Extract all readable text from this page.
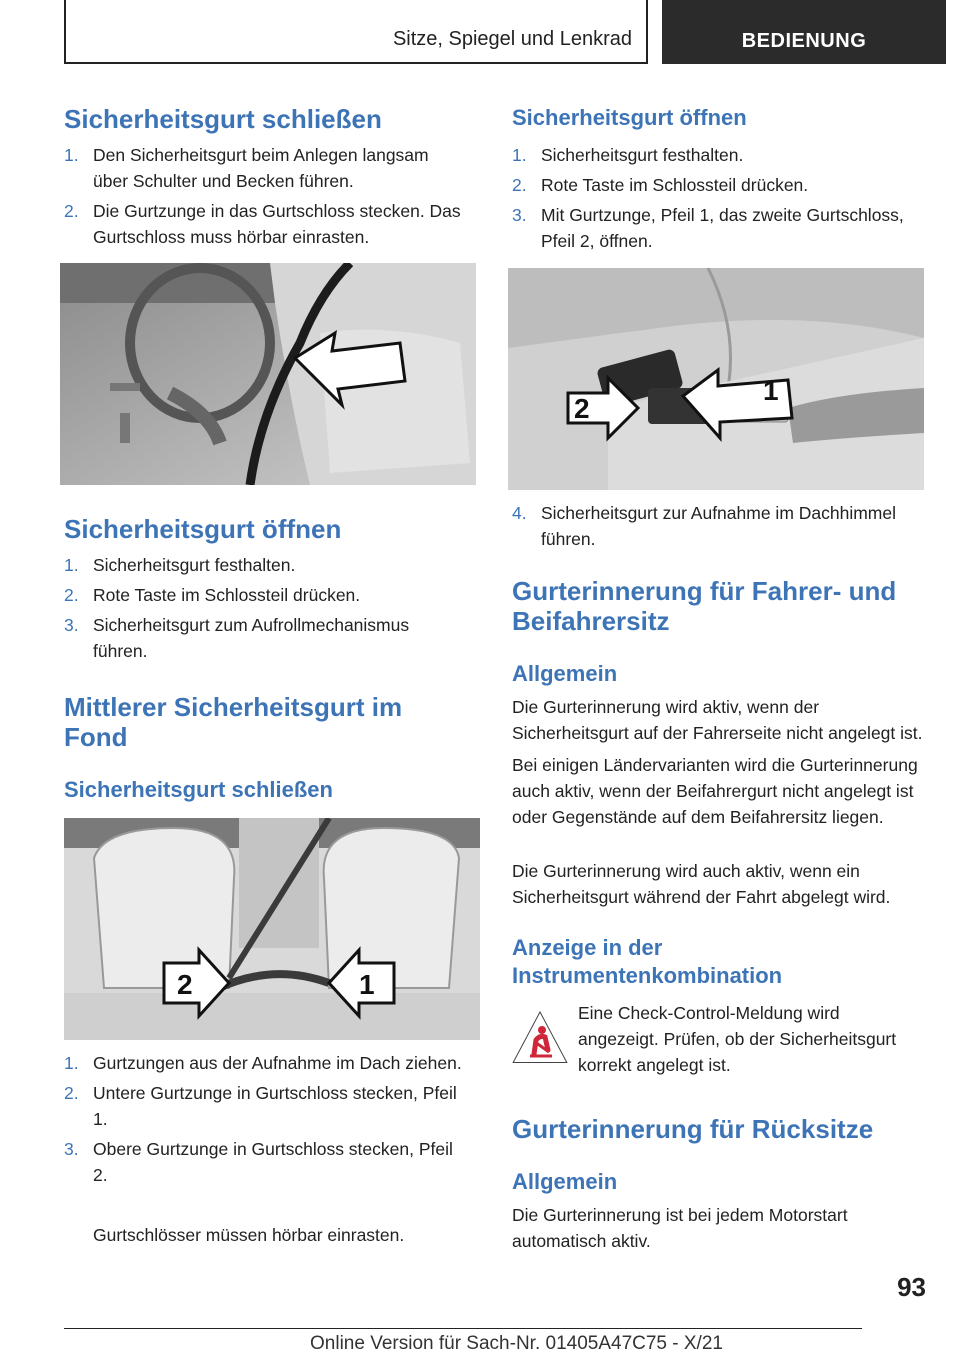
Sitze, Spiegel und Lenkrad	BEDIENUNG
Sicherheitsgurt schließen
1. Den Sicherheitsgurt beim Anlegen langsam über Schulter und Becken führen.
2. Die Gurtzunge in das Gurtschloss stecken. Das Gurtschloss muss hörbar einrasten.
Sicherheitsgurt öffnen
1. Sicherheitsgurt festhalten.
2. Rote Taste im Schlossteil drücken.
3. Sicherheitsgurt zum Aufrollmechanismus führen.
Mittlerer Sicherheitsgurt im Fond
Sicherheitsgurt schließen
2	1
1. Gurtzungen aus der Aufnahme im Dach ziehen.
2. Untere Gurtzunge in Gurtschloss stecken, Pfeil 1.
3. Obere Gurtzunge in Gurtschloss stecken, Pfeil 2.

Gurtschlösser müssen hörbar einrasten.

Sicherheitsgurt öffnen
1. Sicherheitsgurt festhalten.
2. Rote Taste im Schlossteil drücken.
3. Mit Gurtzunge, Pfeil 1, das zweite Gurtschloss, Pfeil 2, öffnen.
2
1
4. Sicherheitsgurt zur Aufnahme im Dachhimmel führen.
Gurterinnerung für Fahrer- und Beifahrersitz
Allgemein

Die Gurterinnerung wird aktiv, wenn der Sicherheitsgurt auf der Fahrerseite nicht angelegt ist.

Bei einigen Ländervarianten wird die Gurterinnerung auch aktiv, wenn der Beifahrergurt nicht angelegt ist oder Gegenstände auf dem Beifahrersitz liegen.

Die Gurterinnerung wird auch aktiv, wenn ein Sicherheitsgurt während der Fahrt abgelegt wird.

Anzeige in der Instrumentenkombination

Eine Check-Control-Meldung wird angezeigt. Prüfen, ob der Sicherheitsgurt korrekt angelegt ist.

Gurterinnerung für Rücksitze
Allgemein

Die Gurterinnerung ist bei jedem Motorstart automatisch aktiv.

93
Online Version für Sach-Nr. 01405A47C75 - X/21
